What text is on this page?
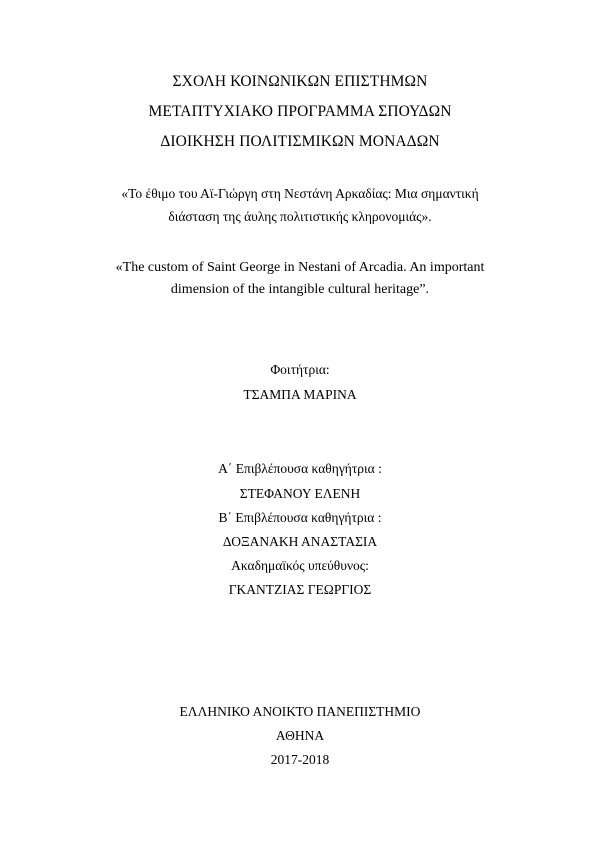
ΣΧΟΛΗ ΚΟΙΝΩΝΙΚΩΝ ΕΠΙΣΤΗΜΩΝ
ΜΕΤΑΠΤΥΧΙΑΚΟ ΠΡΟΓΡΑΜΜΑ ΣΠΟΥΔΩΝ
ΔΙΟΙΚΗΣΗ ΠΟΛΙΤΙΣΜΙΚΩΝ ΜΟΝΑΔΩΝ
«Το έθιμο του Αϊ-Γιώργη στη Νεστάνη Αρκαδίας: Μια σημαντική
διάσταση της άυλης πολιτιστικής κληρονομιάς».
«The custom of Saint George in Nestani of Arcadia. An important
dimension of the intangible cultural heritage”.
Φοιτήτρια:
ΤΣΑΜΠΑ ΜΑΡΙΝΑ
Α΄ Επιβλέπουσα καθηγήτρια :
ΣΤΕΦΑΝΟΥ ΕΛΕΝΗ
Β΄ Επιβλέπουσα καθηγήτρια :
ΔΟΞΑΝΑΚΗ ΑΝΑΣΤΑΣΙΑ
Ακαδημαϊκός υπεύθυνος:
ΓΚΑΝΤΖΙΑΣ ΓΕΩΡΓΙΟΣ
ΕΛΛΗΝΙΚΟ ΑΝΟΙΚΤΟ ΠΑΝΕΠΙΣΤΗΜΙΟ
ΑΘΗΝΑ
2017-2018
